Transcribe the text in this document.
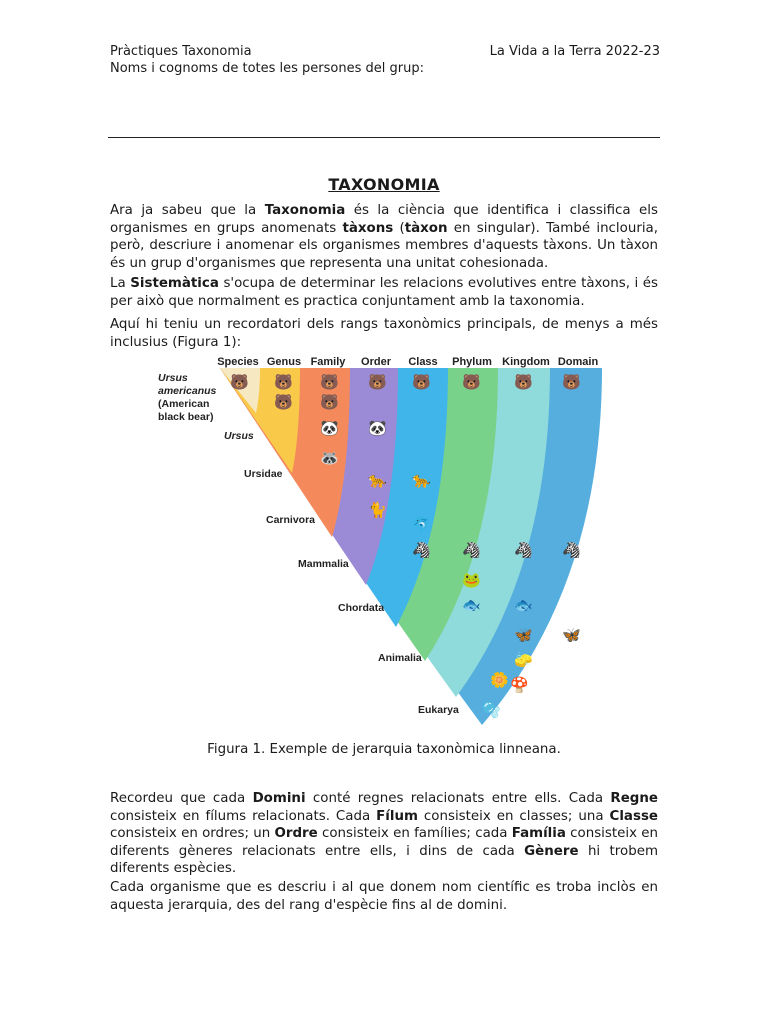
Pràctiques Taxonomia
Noms i cognoms de totes les persones del grup:
La Vida a la Terra 2022-23
TAXONOMIA

Ara ja sabeu que la Taxonomia és la ciència que identifica i classifica els organismes en grups anomenats tàxons (tàxon en singular). També inclouria, però, descriure i anomenar els organismes membres d'aquests tàxons. Un tàxon és un grup d'organismes que representa una unitat cohesionada.

La Sistemàtica s'ocupa de determinar les relacions evolutives entre tàxons, i és per això que normalment es practica conjuntament amb la taxonomia.

Aquí hi teniu un recordatori dels rangs taxonòmics principals, de menys a més inclusius (Figura 1):

Species Genus Family Order Class Phylum Kingdom Domain
Ursus
americanus
(American
black bear)
Ursus
Ursidae
Carnivora
Mammalia
Chordata
Animalia
Eukarya
🐻 🐻
🐻
🐻
🐻
🐼
🦝
🐻
🐼
🐆
🐈
🐻
🐆
🐬
🦓
🐻
🦓
🐸
🐟
🐻
🦓
🐟
🦋
🧽
🐻
🦓
🦋
🌼 🍄
🫧
Figura 1. Exemple de jerarquia taxonòmica linneana.

Recordeu que cada Domini conté regnes relacionats entre ells. Cada Regne consisteix en fílums relacionats. Cada Fílum consisteix en classes; una Classe consisteix en ordres; un Ordre consisteix en famílies; cada Família consisteix en diferents gèneres relacionats entre ells, i dins de cada Gènere hi trobem diferents espècies.

Cada organisme que es descriu i al que donem nom científic es troba inclòs en aquesta jerarquia, des del rang d'espècie fins al de domini.
